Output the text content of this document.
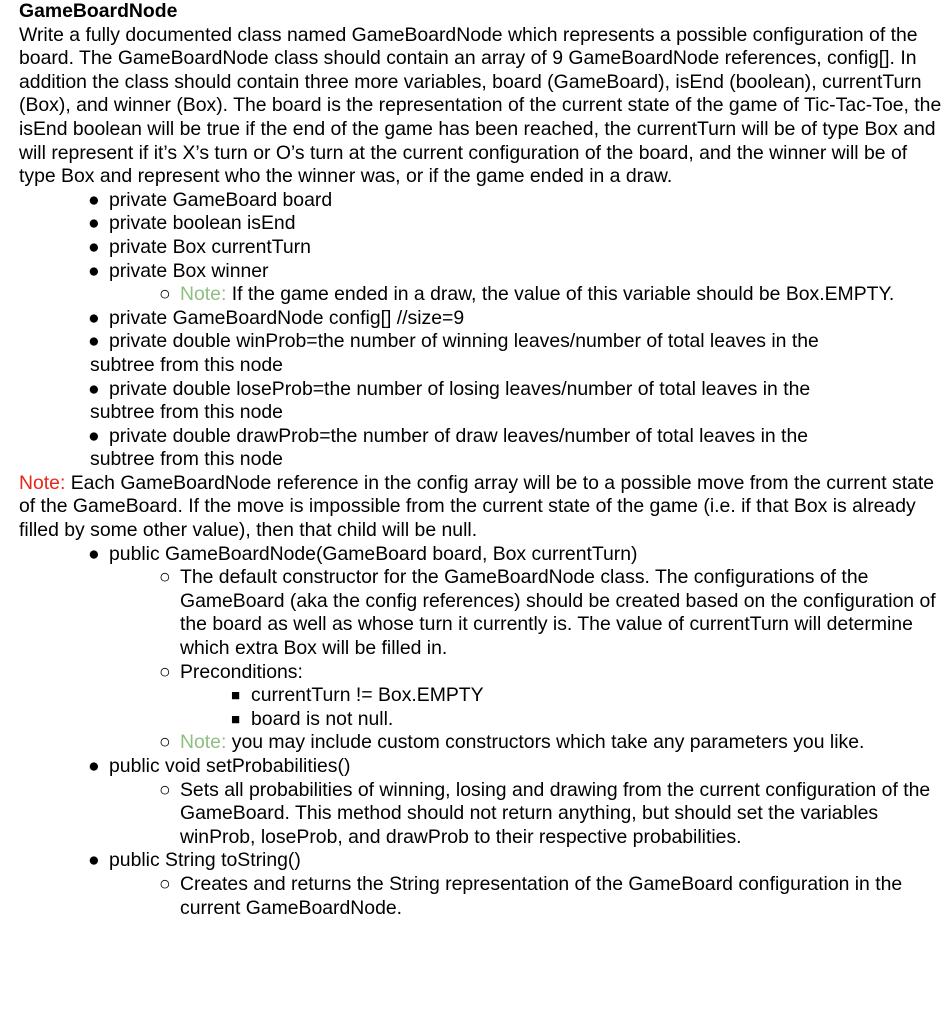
GameBoardNode

Write a fully documented class named GameBoardNode which represents a possible configuration of the board. The GameBoardNode class should contain an array of 9 GameBoardNode references, config[]. In addition the class should contain three more variables, board (GameBoard), isEnd (boolean), currentTurn (Box), and winner (Box). The board is the representation of the current state of the game of Tic-Tac-Toe, the isEnd boolean will be true if the end of the game has been reached, the currentTurn will be of type Box and will represent if it’s X’s turn or O’s turn at the current configuration of the board, and the winner will be of type Box and represent who the winner was, or if the game ended in a draw.

● private GameBoard board
● private boolean isEnd
● private Box currentTurn
● private Box winner
○ Note: If the game ended in a draw, the value of this variable should be Box.EMPTY.
● private GameBoardNode config[] //size=9
● private double winProb=the number of winning leaves/number of total leaves in the
subtree from this node
● private double loseProb=the number of losing leaves/number of total leaves in the
subtree from this node
● private double drawProb=the number of draw leaves/number of total leaves in the
subtree from this node

Note: Each GameBoardNode reference in the config array will be to a possible move from the current state of the GameBoard. If the move is impossible from the current state of the game (i.e. if that Box is already filled by some other value), then that child will be null.

● public GameBoardNode(GameBoard board, Box currentTurn)
○ The default constructor for the GameBoardNode class. The configurations of the GameBoard (aka the config references) should be created based on the configuration of the board as well as whose turn it currently is. The value of currentTurn will determine which extra Box will be filled in.
○ Preconditions:
■ currentTurn != Box.EMPTY
■ board is not null.
○ Note: you may include custom constructors which take any parameters you like.
● public void setProbabilities()
○ Sets all probabilities of winning, losing and drawing from the current configuration of the GameBoard. This method should not return anything, but should set the variables winProb, loseProb, and drawProb to their respective probabilities.
● public String toString()
○ Creates and returns the String representation of the GameBoard configuration in the current GameBoardNode.
